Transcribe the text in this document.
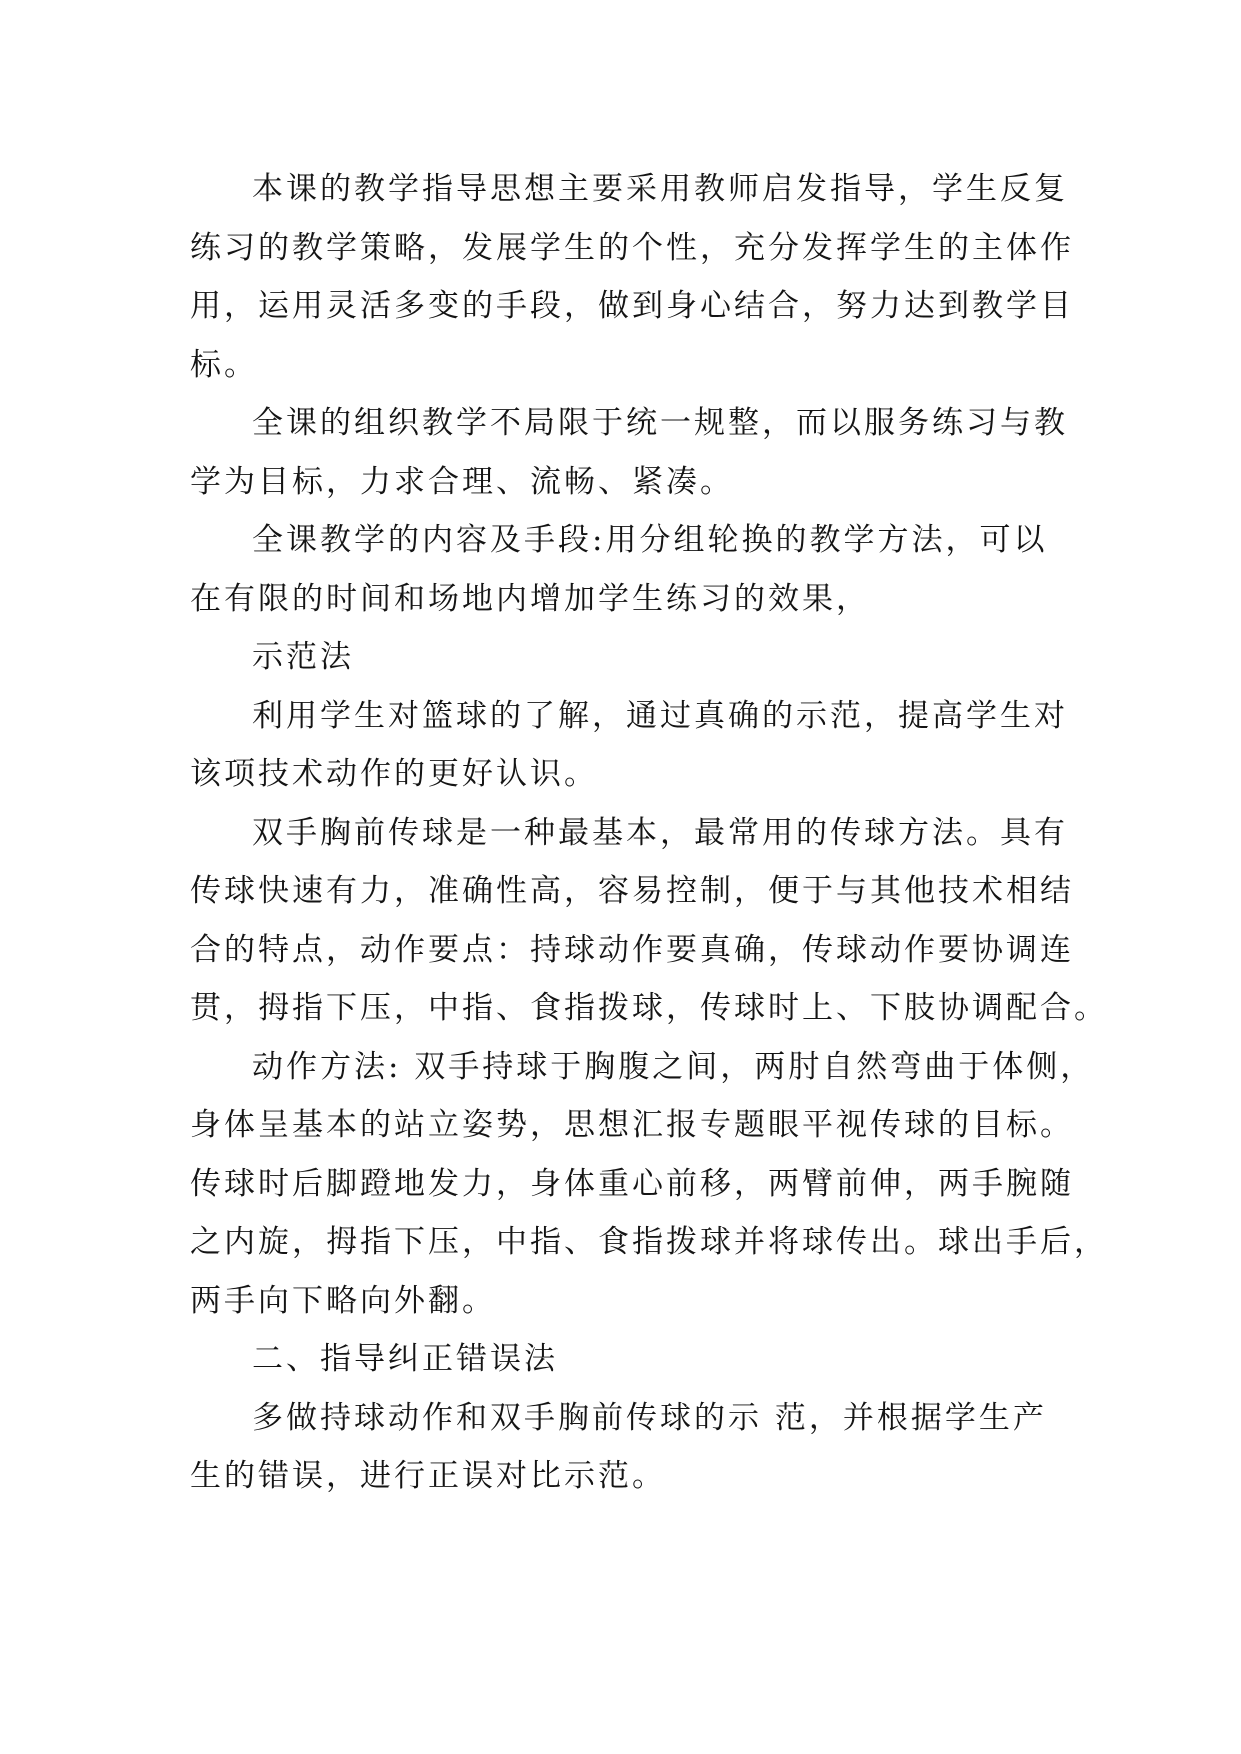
本课的教学指导思想主要采用教师启发指导，学生反复
练习的教学策略，发展学生的个性，充分发挥学生的主体作
用，运用灵活多变的手段，做到身心结合，努力达到教学目
标。
全课的组织教学不局限于统一规整，而以服务练习与教
学为目标，力求合理、流畅、紧凑。
全课教学的内容及手段:用分组轮换的教学方法，可以
在有限的时间和场地内增加学生练习的效果，
示范法
利用学生对篮球的了解，通过真确的示范，提高学生对
该项技术动作的更好认识。
双手胸前传球是一种最基本，最常用的传球方法。具有
传球快速有力，准确性高，容易控制，便于与其他技术相结
合的特点，动作要点：持球动作要真确，传球动作要协调连
贯，拇指下压，中指、食指拨球，传球时上、下肢协调配合。
动作方法: 双手持球于胸腹之间，两肘自然弯曲于体侧，
身体呈基本的站立姿势，思想汇报专题眼平视传球的目标。
传球时后脚蹬地发力，身体重心前移，两臂前伸，两手腕随
之内旋，拇指下压，中指、食指拨球并将球传出。球出手后，
两手向下略向外翻。
二、指导纠正错误法
多做持球动作和双手胸前传球的示 范，并根据学生产
生的错误，进行正误对比示范。
